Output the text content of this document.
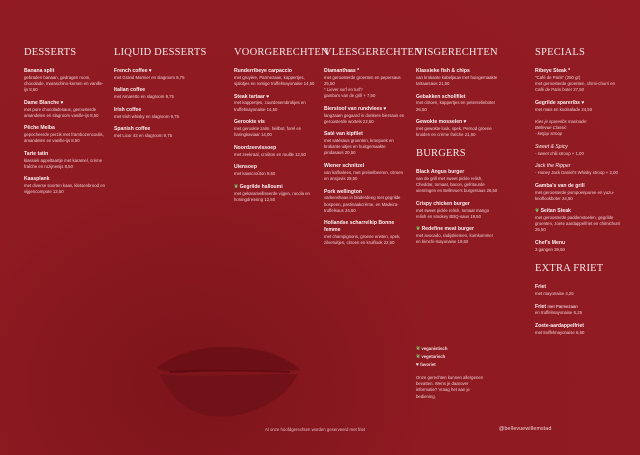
DESSERTS
Banana split
gebraden banaan, gedragen room, chocolade, maraschino-kersen en vanille-ijs 8,50
Dame Blanche ♥
met pure chocoladesaus, geroosterde amandelen en slagroom vanille-ijs 8,50
Pêche Melba
gepocheerde perzik met frambozencoulis, amandelen en vanille-ijs 8,50
Tarte tatin
klassiek appeltaartje met karamel, crème fraîche en rozijnenijs 8,50
Kaasplank
met diverse soorten kaas, kletsenbrood en vijgencompote 13,50
LIQUID DESSERTS
French coffee ♥
met Grand Marnier en slagroom 9,75
Italian coffee
met Amaretto en slagroom 9,75
Irish coffee
met Irish whisky en slagroom 9,75
Spanish coffee
met Licor 43 en slagroom 9,75
VOORGERECHTEN
Runderribeye carpaccio
met gruyère, Parmezaan, kappertjes, sjalotjes en romige truffelmayonaise 14,50
Steak tartaar ♥
met kappertjes, zuurdesembrokjes en truffelmayonaise 14,50
Gerookte vis
met gerookte zalm, heilbot, forel en haringkaviaar 14,00
Noordzeevissoep
met zeekraal, croûton en rouille 12,50
Uiensoep
met kaascroûton 9,50
❦ Gegrilde halloumi
met gekaramelliseerde vijgen, rucola en honingdressing 12,50
VLEESGERECHTEN
Diamanthaas *
met geroosterde groenten en pepersaus 25,50
* Liever surf en turf?
gamba's van de grill + 7,50
Bierstoof van rundvlees ♥
langzaam gegaard in donkere biersaus en geroosterde wortels 22,50
Saté van kipfilet
met satésaus groenten, kroepoek en krokante uitjes en huisgemaakte pindasaus 20,50
Wiener schnitzel
van kalfsvlees, met preiselbeeren, citroen en ansjovis 28,50
Pork wellington
varkenshaas in bladerdeeg met gegrilde bospeen, pastinaakcrème, en Madeira-truffelsaus 24,50
Hollandse scharrelkip Bonne femme
met champignons, groene erwten, spek, zilveruitjes, citroen en kruiflook 22,50
VISGERECHTEN
Klassieke fish & chips
van krokante kabeljauw met huisgemaakte tartaarsaus 21,50
Gebakken schollfilet
met citroen, kappertjes en peterselieboter 26,50
Gewokte mosselen ♥
met gewokte look, spek, Pernod groene kruiden en crème fraîche 21,50
BURGERS
Black Angus burger
van de grill met sweet pickle relish, Cheddar, tomaat, bacon, gefrituurde uienringen en Bellevue's burgersaus 26,50
Crispy chicken burger
met sweet pickle relish, tomaat mango relish en smokey BBQ-saus 19,50
❦ Redefine meat burger
met avocado, radijskiemen, komkommer en kimchi-mayonaise 19,50
SPECIALS
Ribeye Steak *
"Café de Paris" (250 gr)
met geroosterde groenten, chimi-churri en Café de Paris boter 27,50
Gegrilde spareribs ♥
met mais en koolsalade 24,50
Kies je spareribs marinade:
Bellevue Classic
- ketjap stroop
Sweet & Spicy
- sweet chili stroop + 1,00
Jack the Ripper
- Honey Jack Daniel's Whisky stroop + 2,00
Gamba's van de grill
met geroosterde pompoenpuree en yuzu-knoflookboter 24,50
❦ Seitan Steak
met geroosterde paddenstoelen, gegrilde groenten, zoete aardappelfriet en chimichurri 26,50
Chef's Menu
3 gangen 39,50
EXTRA FRIET
Friet
met mayonaise 4,25
Friet met Parmezaan
en truffelmayonaise 5,25
Zoete-aardappelfriet
met truffelmayonaise 6,50
❦ veganistisch
❦ vegetarisch
♥ favoriet
Onze gerechten kunnen allergenen bevatten. Wens je daarover informatie? Vraag het aan je bediening.
Al onze hoofdgerechten worden geserveerd met friet	@bellevuewillemstad
